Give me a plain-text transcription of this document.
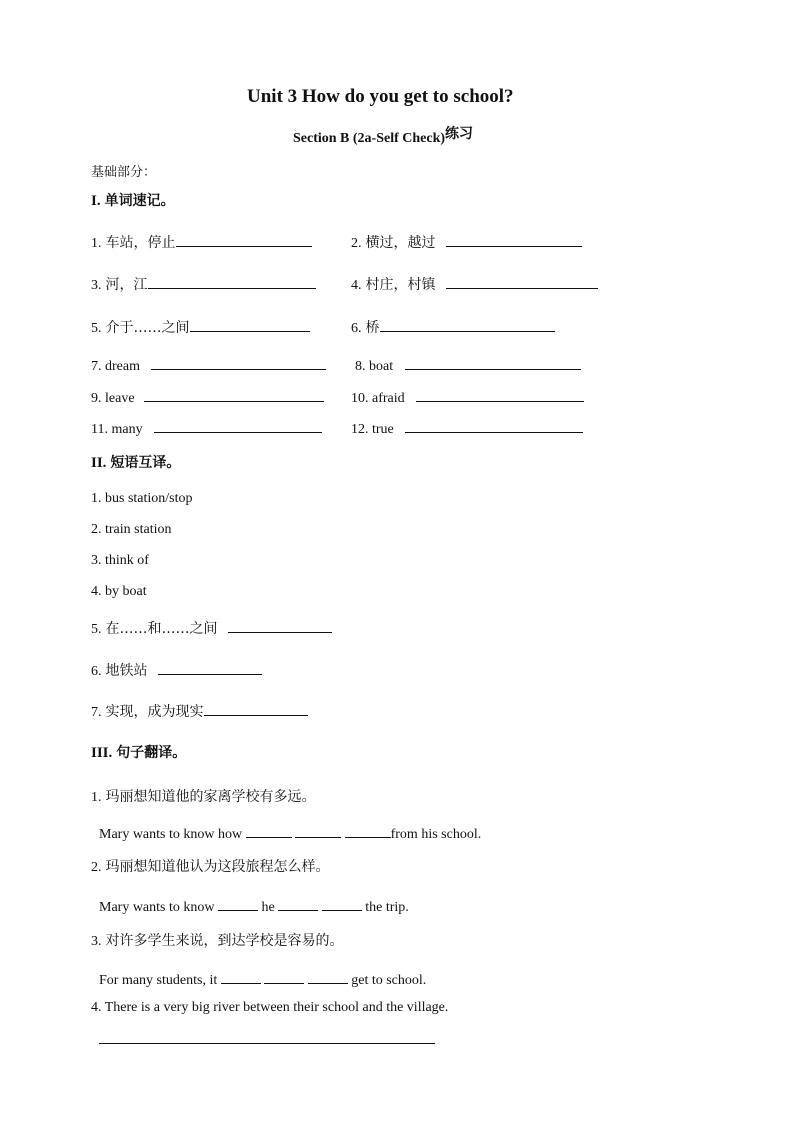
Unit 3 How do you get to school?
Section B (2a-Self Check)练习
基础部分：
I. 单词速记。
1. 车站，停止	2. 横过，越过
3. 河，江	4. 村庄，村镇
5. 介于……之间	6. 桥
7. dream	8. boat
9. leave	10. afraid
11. many	12. true
II. 短语互译。
1. bus station/stop
2. train station
3. think of
4. by boat
5. 在……和……之间
6. 地铁站
7. 实现，成为现实
III. 句子翻译。
1. 玛丽想知道他的家离学校有多远。
Mary wants to know how	from his school.
2. 玛丽想知道他认为这段旅程怎么样。
Mary wants to know	he	the trip.
3. 对许多学生来说，到达学校是容易的。
For many students, it	get to school.
4. There is a very big river between their school and the village.
